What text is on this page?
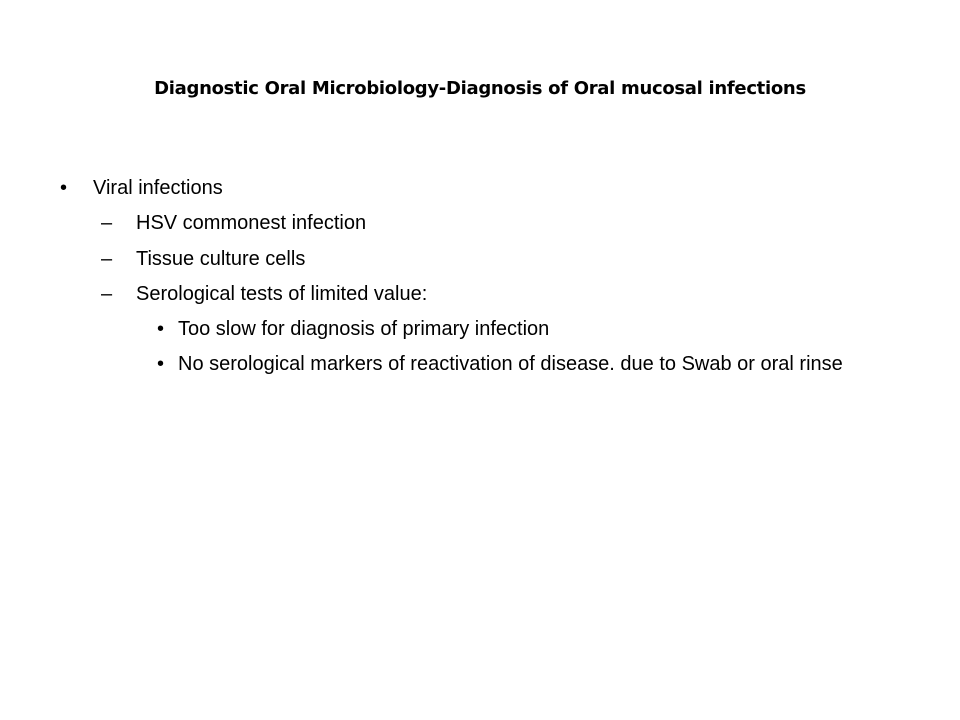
Diagnostic Oral Microbiology-Diagnosis of Oral mucosal infections
• Viral infections
– HSV commonest infection
– Tissue culture cells
– Serological tests of limited value:
• Too slow for diagnosis of primary infection
• No serological markers of reactivation of disease. due to Swab or oral rinse
